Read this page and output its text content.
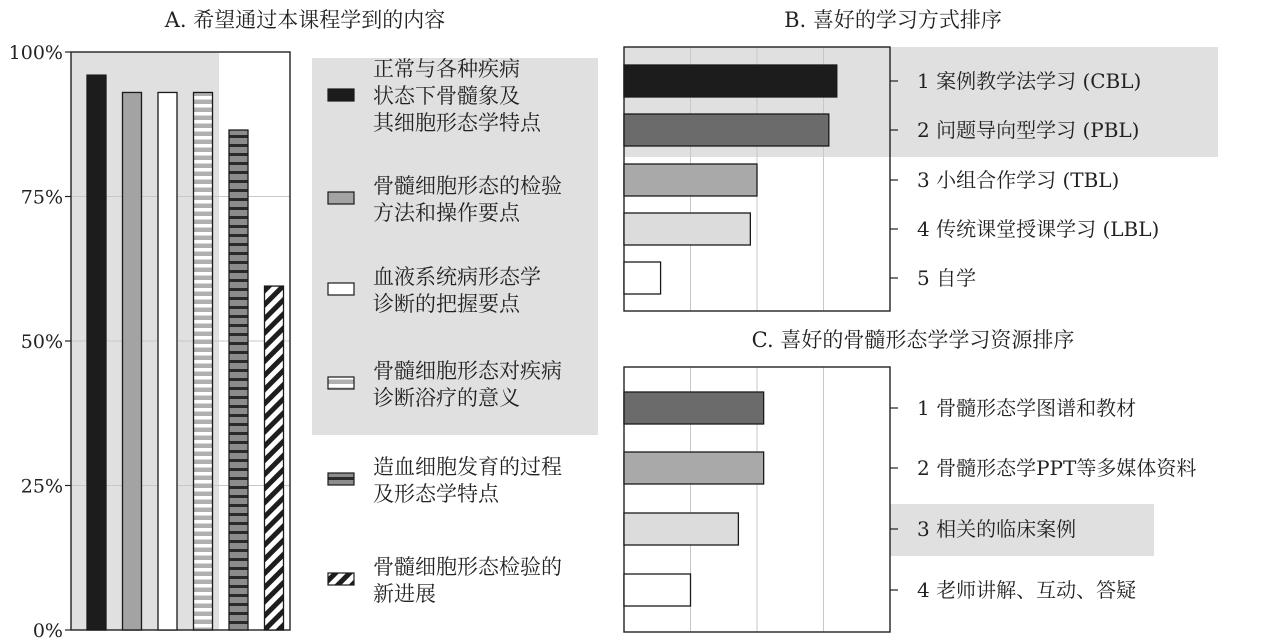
A. 希望通过本课程学到的内容
0%
25%
50%
75%
100%
正常与各种疾病
状态下骨髓象及
其细胞形态学特点
骨髓细胞形态的检验
方法和操作要点
血液系统病形态学
诊断的把握要点
骨髓细胞形态对疾病
诊断浴疗的意义
造血细胞发育的过程
及形态学特点
骨髓细胞形态检验的
新进展
B. 喜好的学习方式排序
1 案例教学法学习 (CBL)
2 问题导向型学习 (PBL)
3 小组合作学习 (TBL)
4 传统课堂授课学习 (LBL)
5 自学
C. 喜好的骨髓形态学学习资源排序
1 骨髓形态学图谱和教材
2 骨髓形态学PPT等多媒体资料
3 相关的临床案例
4 老师讲解、互动、答疑
